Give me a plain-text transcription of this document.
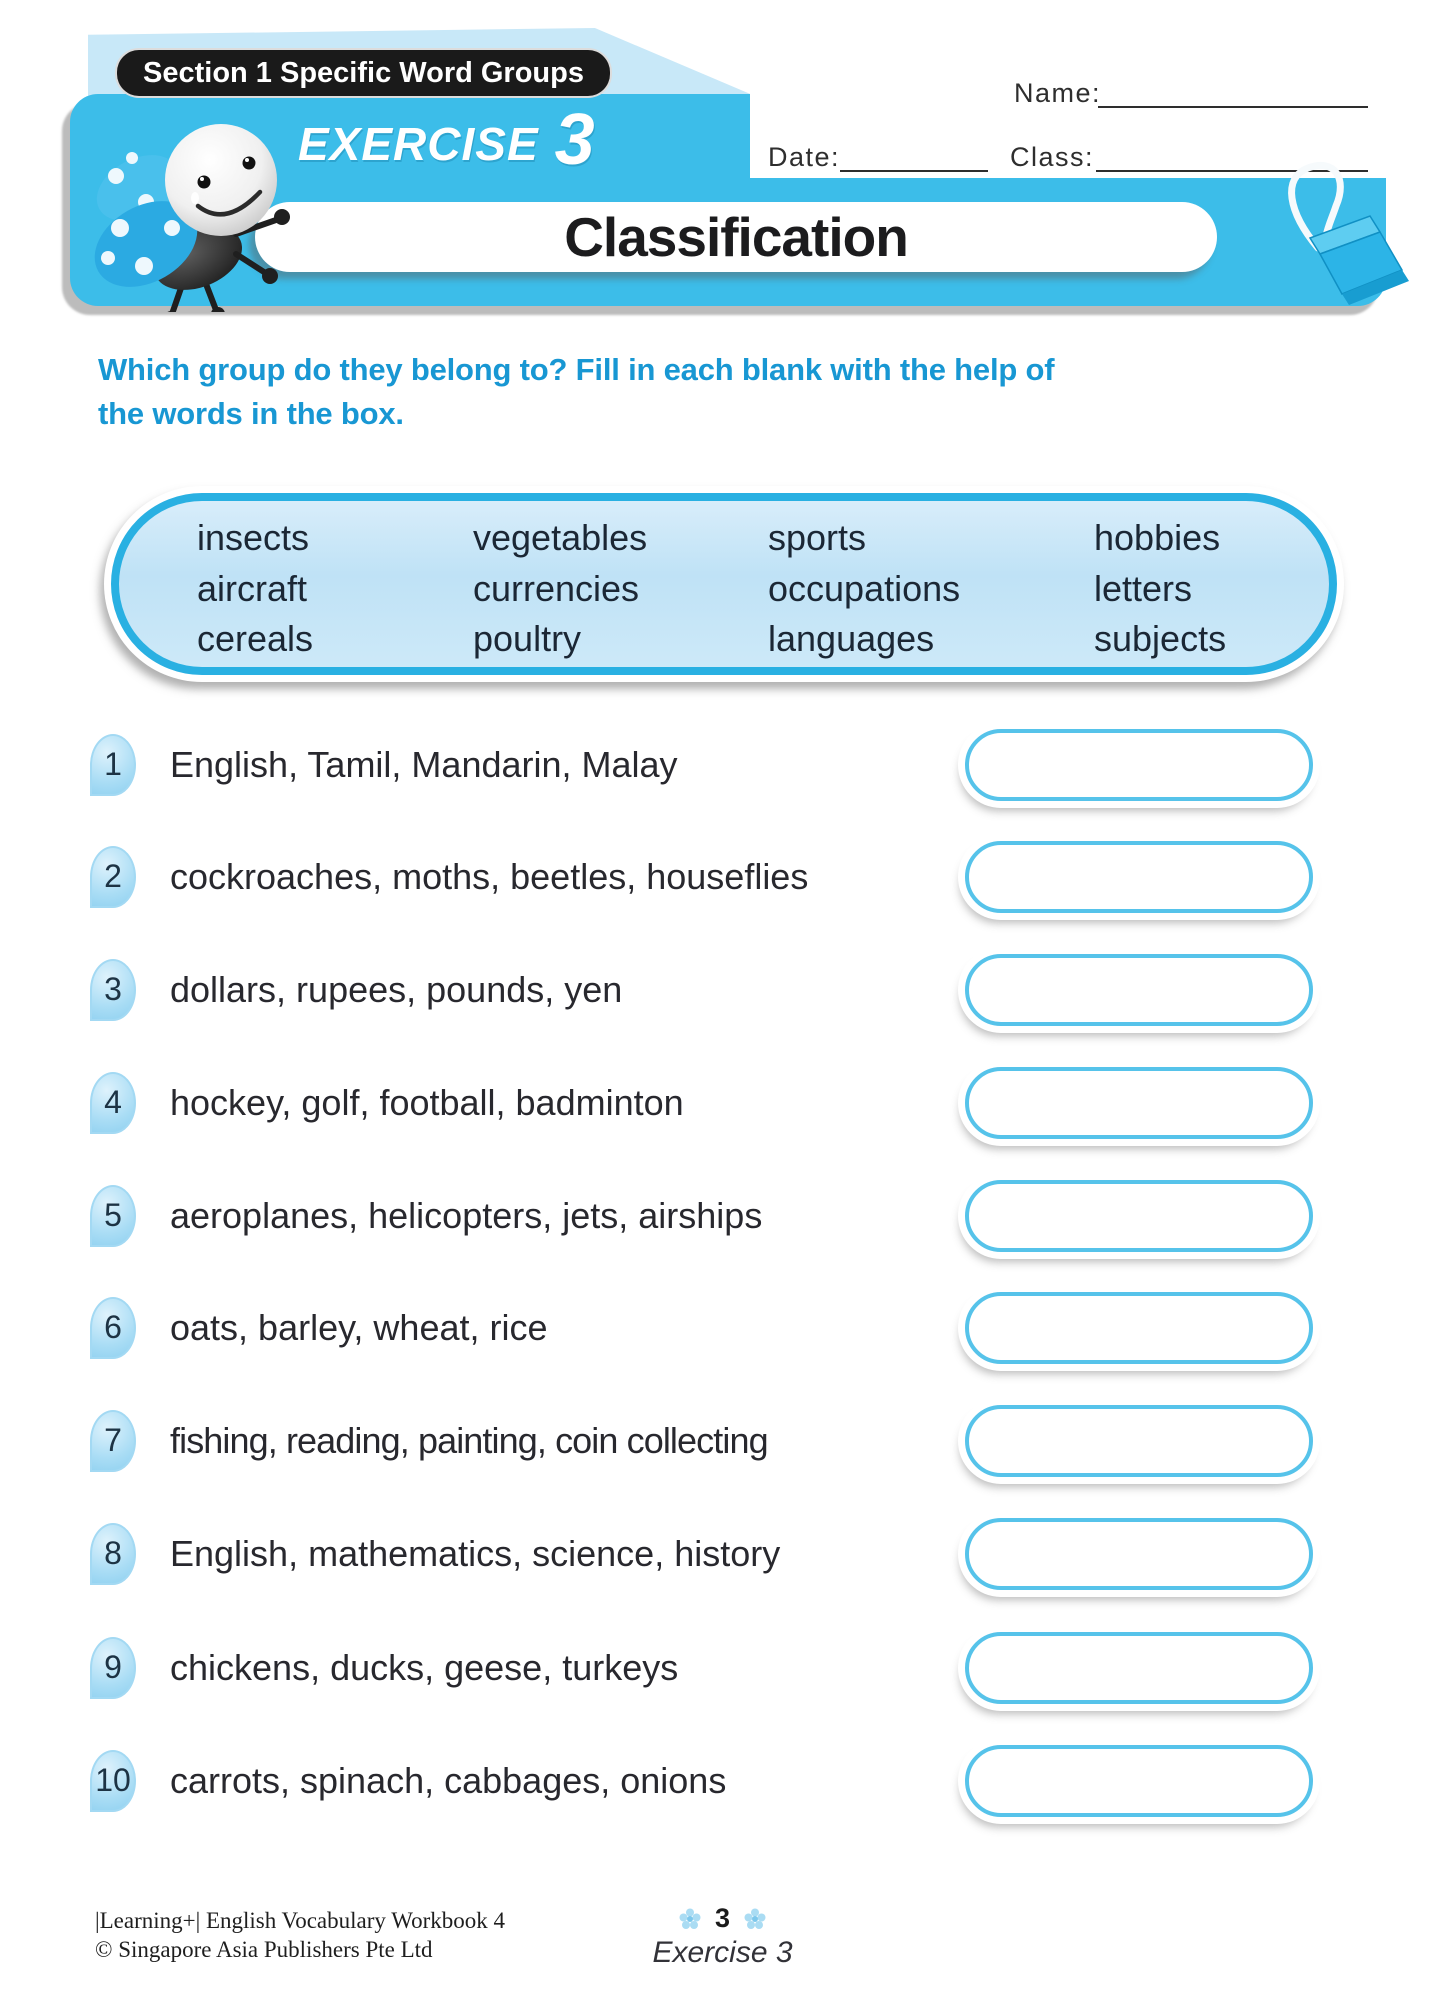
Section 1 Specific Word Groups
EXERCISE 3
Classification
Name:
Date:	Class:
Which group do they belong to? Fill in each blank with the help of
the words in the box.
insects	vegetables	sports	hobbies
aircraft	currencies	occupations	letters
cereals	poultry	languages	subjects
1	English, Tamil, Mandarin, Malay
2	cockroaches, moths, beetles, houseflies
3	dollars, rupees, pounds, yen
4	hockey, golf, football, badminton
5	aeroplanes, helicopters, jets, airships
6	oats, barley, wheat, rice
7	fishing, reading, painting, coin collecting
8	English, mathematics, science, history
9	chickens, ducks, geese, turkeys
10 carrots, spinach, cabbages, onions
|Learning+| English Vocabulary Workbook 4
© Singapore Asia Publishers Pte Ltd
3
Exercise 3
